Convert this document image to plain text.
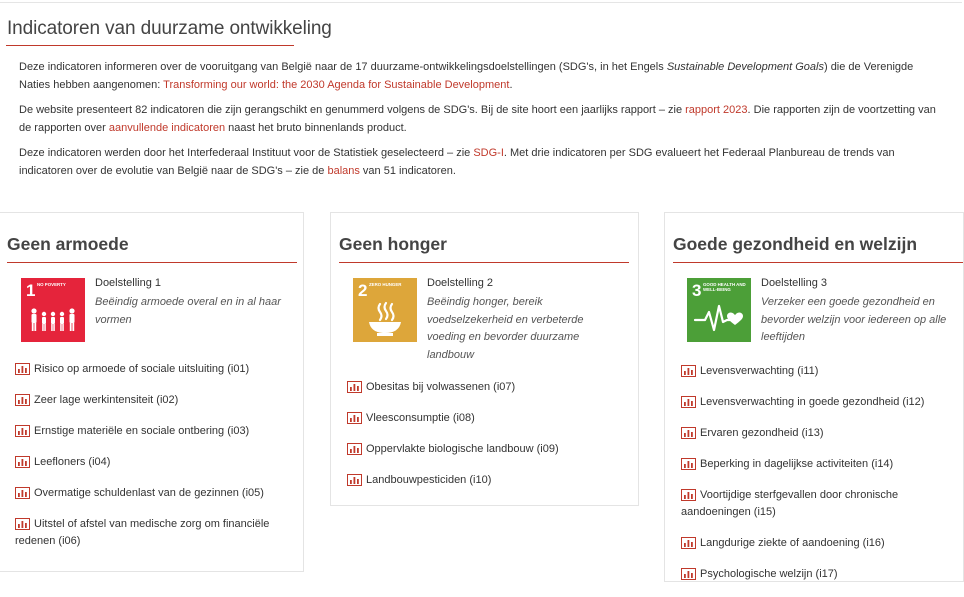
Indicatoren van duurzame ontwikkeling

Deze indicatoren informeren over de vooruitgang van België naar de 17 duurzame-ontwikkelingsdoelstellingen (SDG's, in het Engels Sustainable Development Goals) die de Verenigde Naties hebben aangenomen: Transforming our world: the 2030 Agenda for Sustainable Development.

De website presenteert 82 indicatoren die zijn gerangschikt en genummerd volgens de SDG's. Bij de site hoort een jaarlijks rapport – zie rapport 2023. Die rapporten zijn de voortzetting van de rapporten over aanvullende indicatoren naast het bruto binnenlands product.

Deze indicatoren werden door het Interfederaal Instituut voor de Statistiek geselecteerd – zie SDG-I. Met drie indicatoren per SDG evalueert het Federaal Planbureau de trends van indicatoren over de evolutie van België naar de SDG's – zie de balans van 51 indicatoren.

Geen armoede
1 NO POVERTY	Doelstelling 1
Beëindig armoede overal en in al haar vormen
Risico op armoede of sociale uitsluiting (i01)
Zeer lage werkintensiteit (i02)
Ernstige materiële en sociale ontbering (i03)
Leefloners (i04)
Overmatige schuldenlast van de gezinnen (i05)
Uitstel of afstel van medische zorg om financiële redenen (i06)
Geen honger
2 ZERO HUNGER	Doelstelling 2
Beëindig honger, bereik voedselzekerheid en verbeterde voeding en bevorder duurzame landbouw
Obesitas bij volwassenen (i07)
Vleesconsumptie (i08)
Oppervlakte biologische landbouw (i09)
Landbouwpesticiden (i10)
Goede gezondheid en welzijn
3 GOOD HEALTH AND WELL-BEING
Doelstelling 3
Verzeker een goede gezondheid en bevorder welzijn voor iedereen op alle leeftijden
Levensverwachting (i11)
Levensverwachting in goede gezondheid (i12)
Ervaren gezondheid (i13)
Beperking in dagelijkse activiteiten (i14)
Voortijdige sterfgevallen door chronische aandoeningen (i15)
Langdurige ziekte of aandoening (i16)
Psychologische welzijn (i17)
